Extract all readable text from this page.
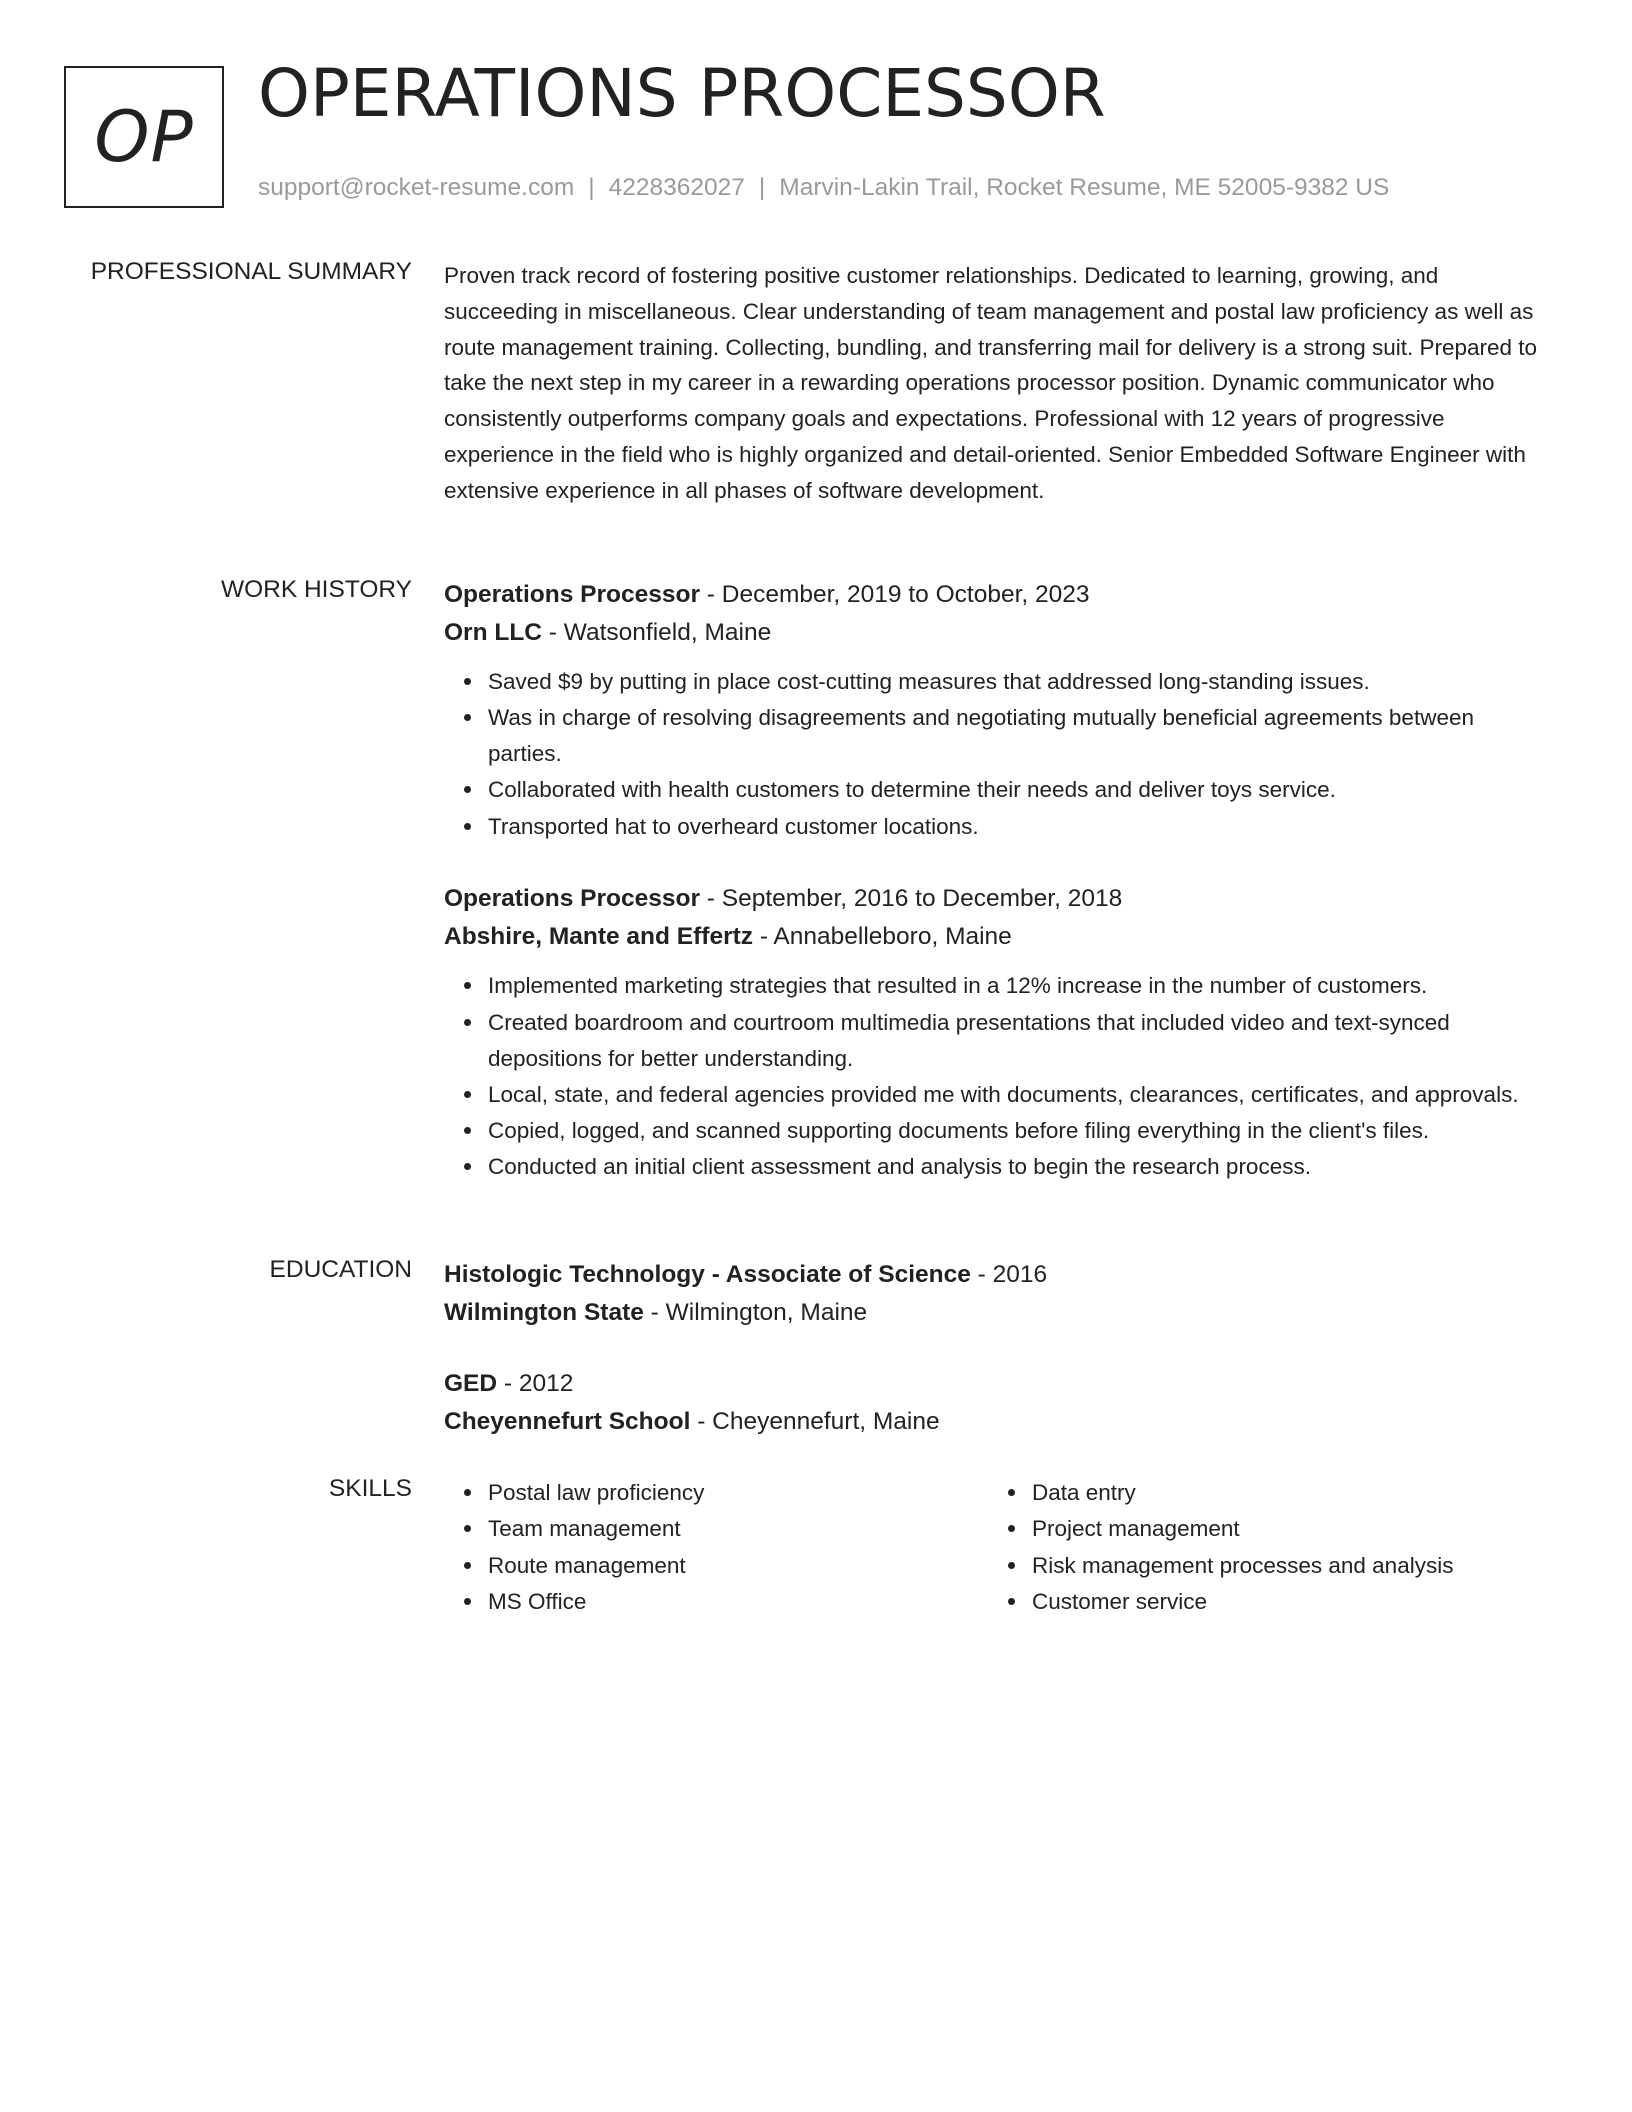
OP
OPERATIONS PROCESSOR
support@rocket-resume.com | 4228362027 | Marvin-Lakin Trail, Rocket Resume, ME 52005-9382 US
PROFESSIONAL SUMMARY Proven track record of fostering positive customer relationships. Dedicated to learning, growing, and succeeding in miscellaneous. Clear understanding of team management and postal law proficiency as well as route management training. Collecting, bundling, and transferring mail for delivery is a strong suit. Prepared to take the next step in my career in a rewarding operations processor position. Dynamic communicator who consistently outperforms company goals and expectations. Professional with 12 years of progressive experience in the field who is highly organized and detail-oriented. Senior Embedded Software Engineer with extensive experience in all phases of software development.

WORK HISTORY Operations Processor - December, 2019 to October, 2023

Orn LLC - Watsonfield, Maine

Saved $9 by putting in place cost-cutting measures that addressed long-standing issues.
Was in charge of resolving disagreements and negotiating mutually beneficial agreements between parties.
Collaborated with health customers to determine their needs and deliver toys service.
Transported hat to overheard customer locations.

Operations Processor - September, 2016 to December, 2018

Abshire, Mante and Effertz - Annabelleboro, Maine

Implemented marketing strategies that resulted in a 12% increase in the number of customers.
Created boardroom and courtroom multimedia presentations that included video and text-synced depositions for better understanding.
Local, state, and federal agencies provided me with documents, clearances, certificates, and approvals.
Copied, logged, and scanned supporting documents before filing everything in the client's files.
Conducted an initial client assessment and analysis to begin the research process.
EDUCATION Histologic Technology - Associate of Science - 2016

Wilmington State - Wilmington, Maine

GED - 2012

Cheyennefurt School - Cheyennefurt, Maine

SKILLS	Postal law proficiency
Team management
Route management
MS Office
Data entry
Project management
Risk management processes and analysis
Customer service
